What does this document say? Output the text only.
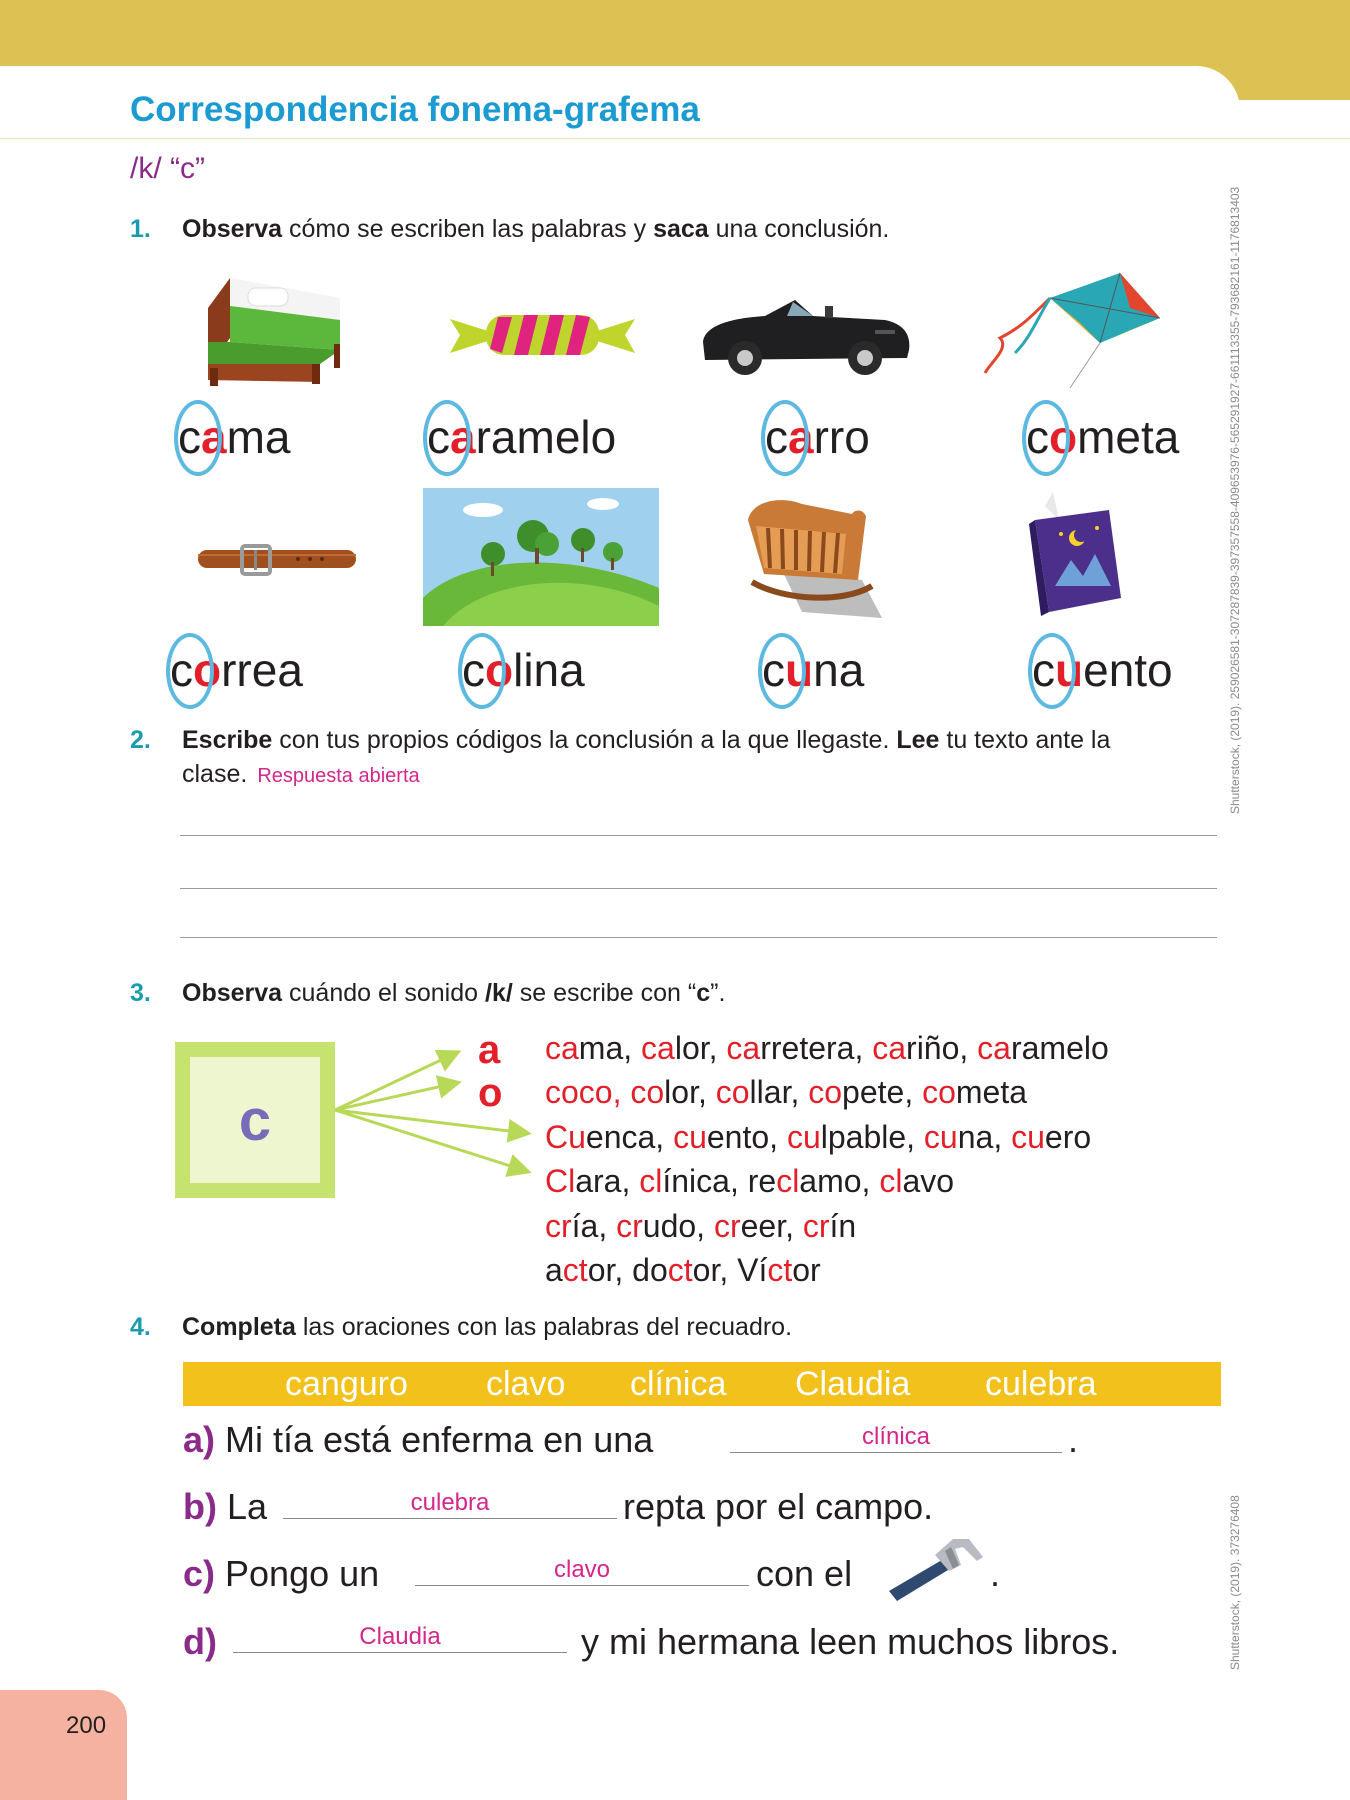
200
Shutterstock, (2019). 259026581-307287839-397357558-409653976-565291927-661113355-793682161-1176813403
Shutterstock, (2019). 373276408
Correspondencia fonema-grafema
/k/ “c”
1. Observa cómo se escriben las palabras y saca una conclusión.
cama	caramelo	carro	cometa
correa	colina	cuna	cuento
2. Escribe con tus propios códigos la conclusión a la que llegaste. Lee tu texto ante la clase. Respuesta abierta
3. Observa cuándo el sonido /k/ se escribe con “c”.
c
a
o
cama, calor, carretera, cariño, caramelo
coco, color, collar, copete, cometa
Cuenca, cuento, culpable, cuna, cuero
Clara, clínica, reclamo, clavo
cría, crudo, creer, crín
actor, doctor, Víctor
4. Completa las oraciones con las palabras del recuadro.
canguro clavo clínica Claudia culebra
a) Mi tía está enferma en una	clínica	.
b) La	culebra	repta por el campo.
c) Pongo un	clavo	con el	.
d)	Claudia	y mi hermana leen muchos libros.
